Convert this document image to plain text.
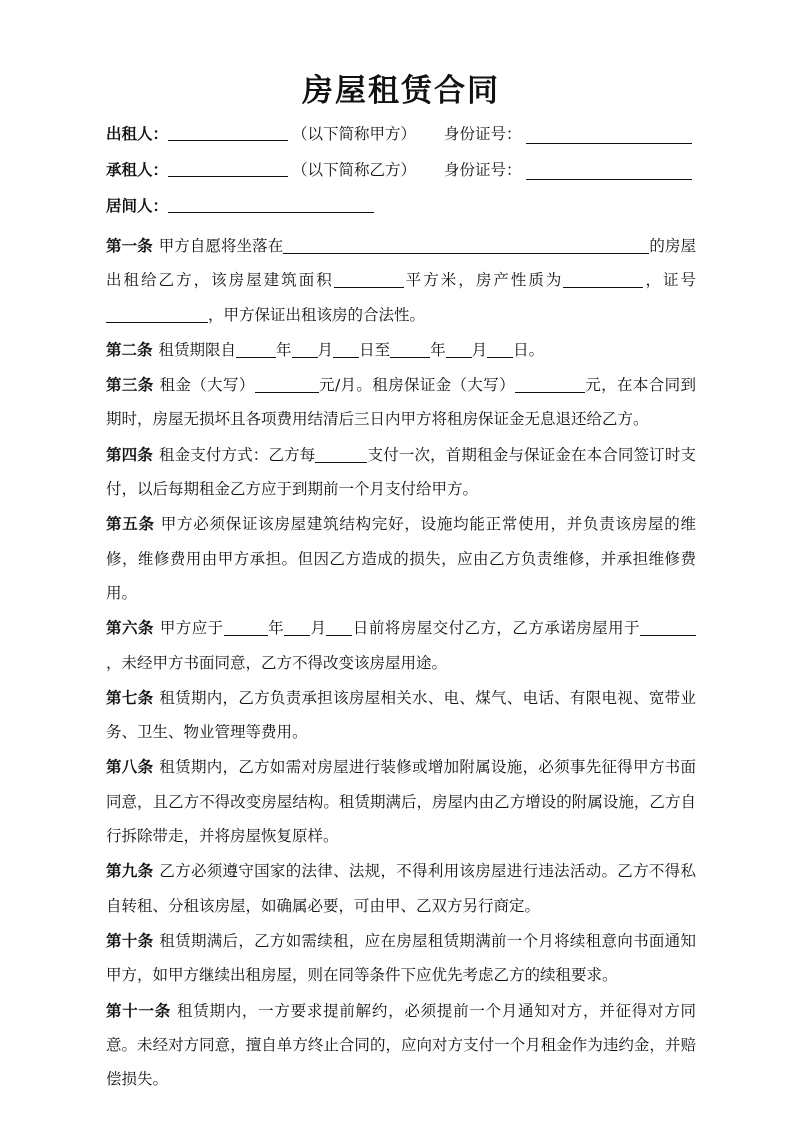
房屋租赁合同
出租人：	（以下简称甲方） 身份证号：
承租人：	（以下简称乙方） 身份证号：
居间人：

第一条 甲方自愿将坐落在	的房屋出租给乙方，该房屋建筑面积	平方米，房产性质为	，证号，甲方保证出租该房的合法性。

第二条 租赁期限自	年 月 日至	年 月 日。

第三条 租金（大写）	元/月。租房保证金（大写）	元，在本合同到期时，房屋无损坏且各项费用结清后三日内甲方将租房保证金无息退还给乙方。

第四条 租金支付方式：乙方每	支付一次，首期租金与保证金在本合同签订时支付，以后每期租金乙方应于到期前一个月支付给甲方。

第五条 甲方必须保证该房屋建筑结构完好，设施均能正常使用，并负责该房屋的维修，维修费用由甲方承担。但因乙方造成的损失，应由乙方负责维修，并承担维修费用。

第六条 甲方应于	年 月 日前将房屋交付乙方，乙方承诺房屋用于，未经甲方书面同意，乙方不得改变该房屋用途。

第七条 租赁期内，乙方负责承担该房屋相关水、电、煤气、电话、有限电视、宽带业务、卫生、物业管理等费用。

第八条 租赁期内，乙方如需对房屋进行装修或增加附属设施，必须事先征得甲方书面同意，且乙方不得改变房屋结构。租赁期满后，房屋内由乙方增设的附属设施，乙方自行拆除带走，并将房屋恢复原样。

第九条 乙方必须遵守国家的法律、法规，不得利用该房屋进行违法活动。乙方不得私自转租、分租该房屋，如确属必要，可由甲、乙双方另行商定。

第十条 租赁期满后，乙方如需续租，应在房屋租赁期满前一个月将续租意向书面通知甲方，如甲方继续出租房屋，则在同等条件下应优先考虑乙方的续租要求。

第十一条 租赁期内，一方要求提前解约，必须提前一个月通知对方，并征得对方同意。未经对方同意，擅自单方终止合同的，应向对方支付一个月租金作为违约金，并赔偿损失。
